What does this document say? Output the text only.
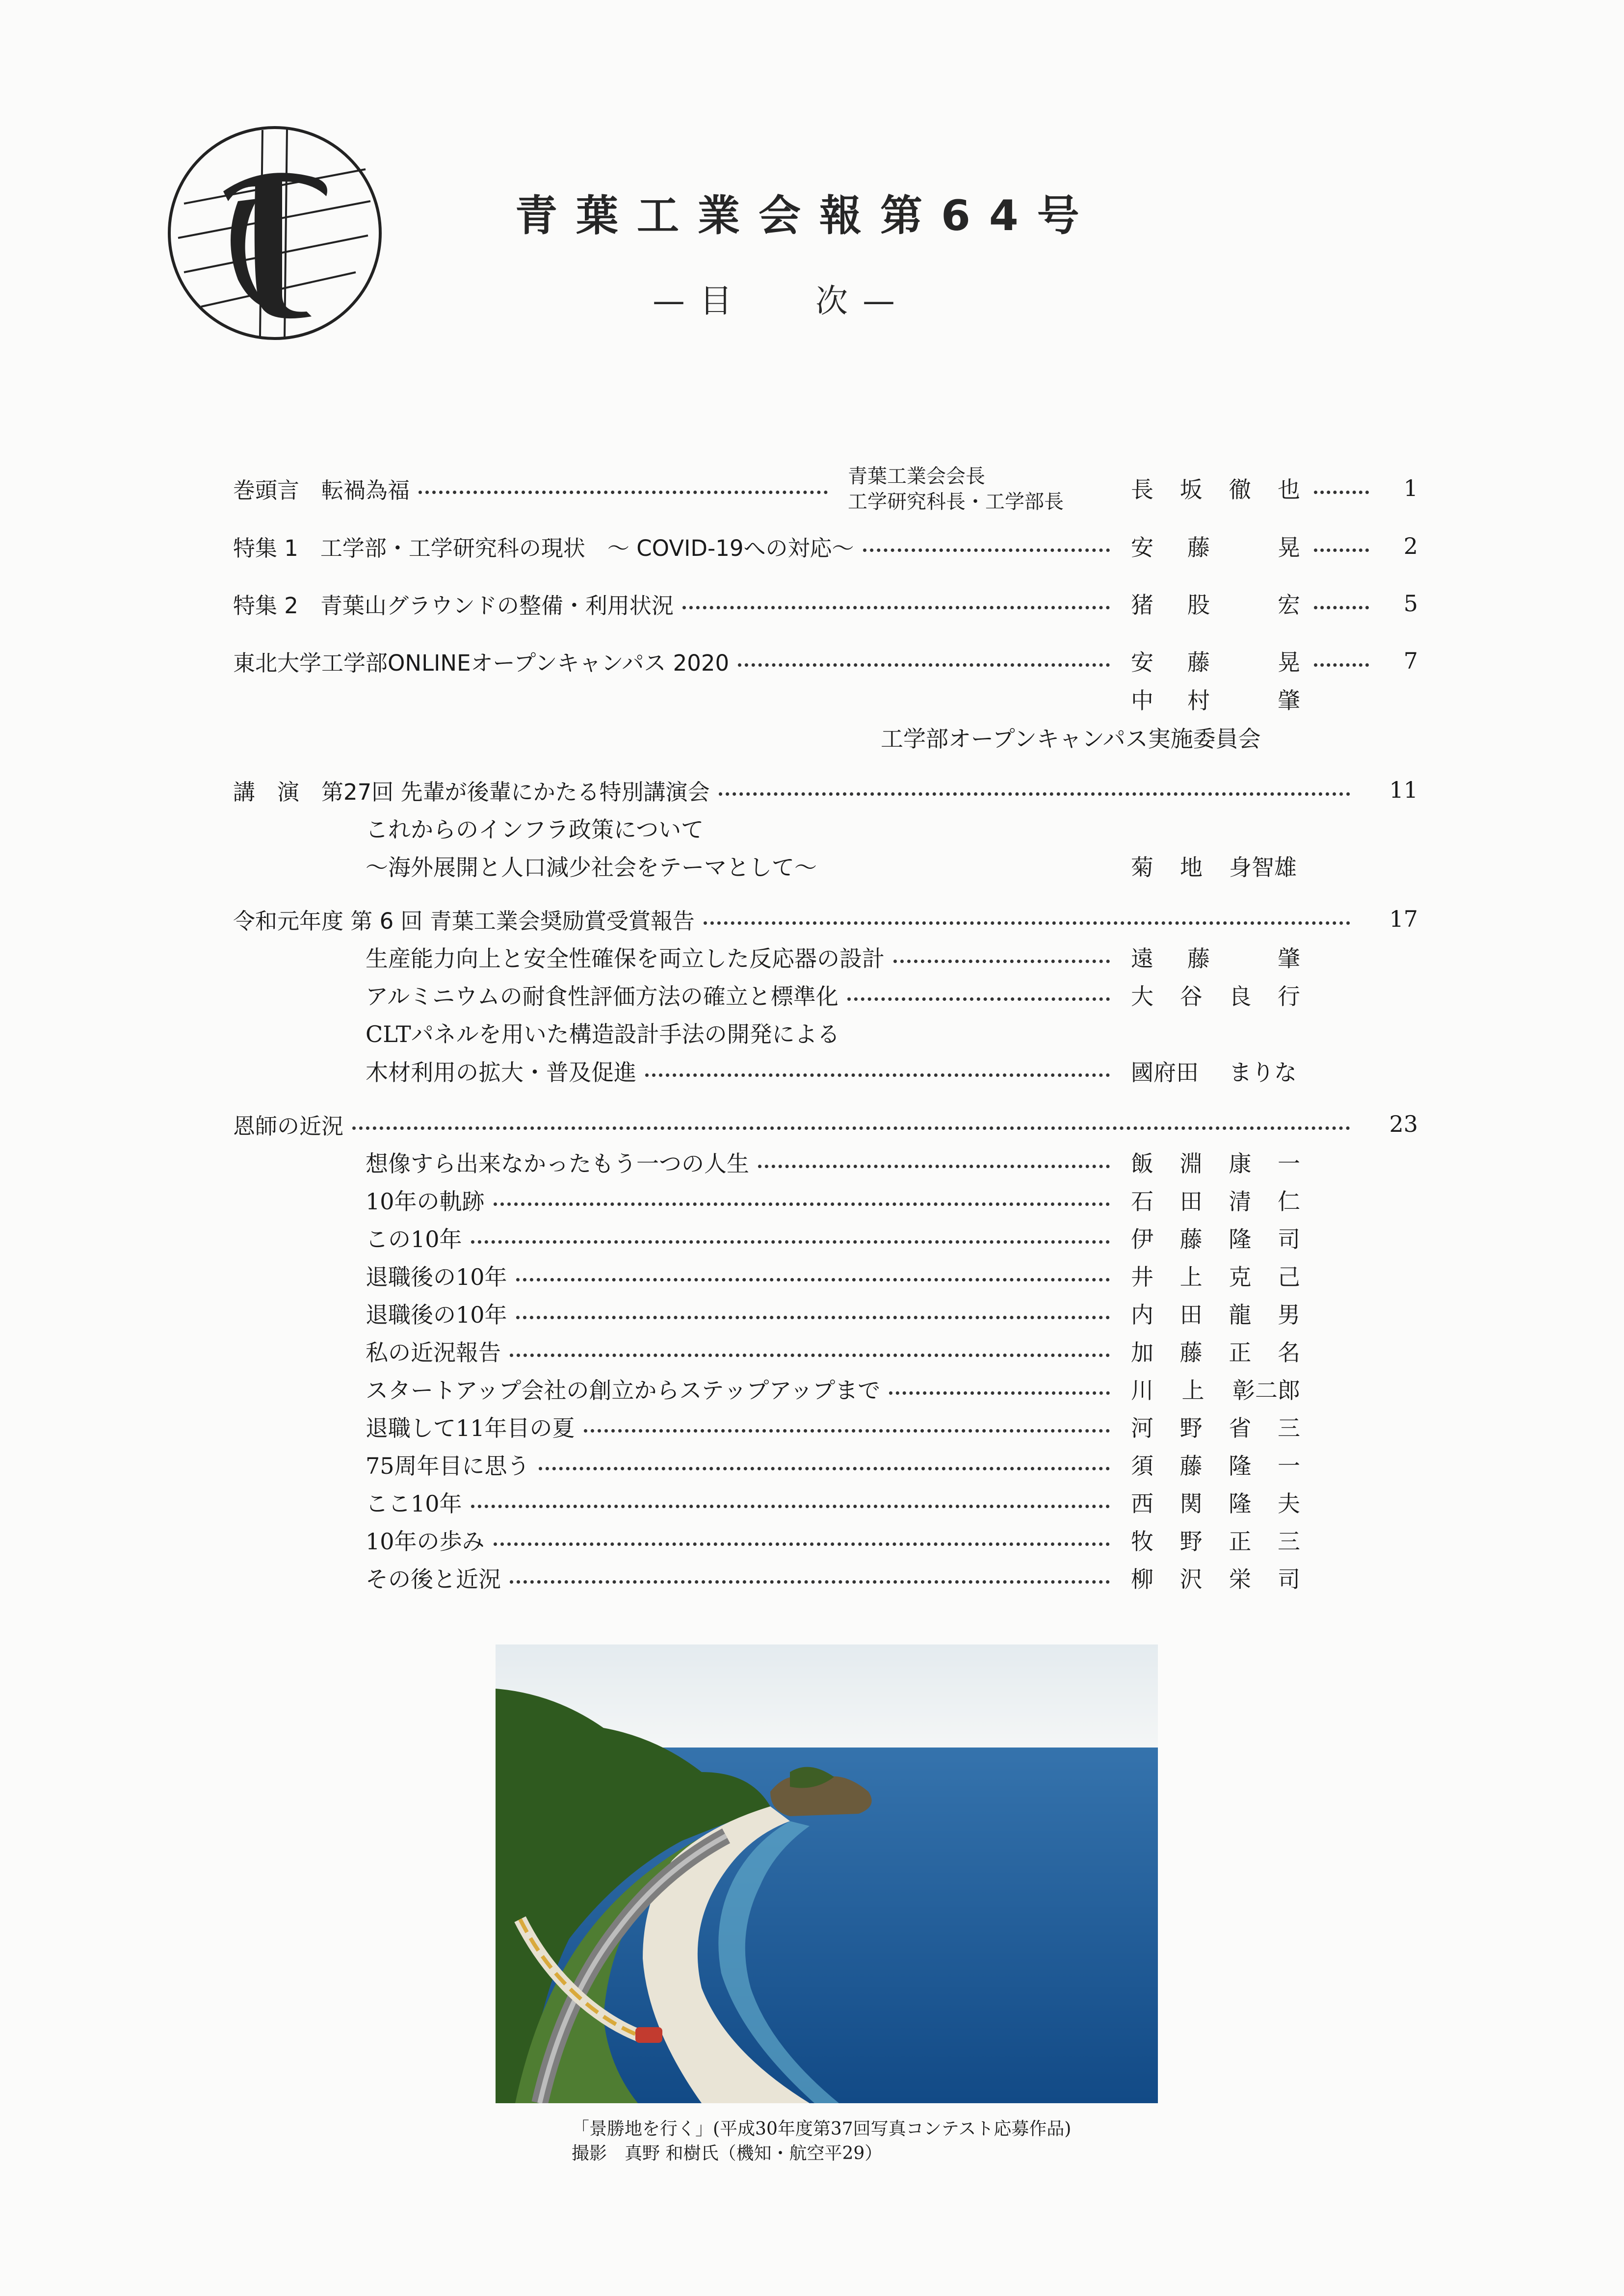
青葉工業会報第64号
—目 次—
巻頭言　転禍為福
青葉工業会会長
工学研究科長・工学部長	長 坂 徹 也	1
特集 1　工学部・工学研究科の現状　～ COVID-19への対応～	安 藤	晃	2
特集 2　青葉山グラウンドの整備・利用状況	猪 股	宏	5
東北大学工学部ONLINEオープンキャンパス 2020	安 藤	晃	7
中 村	肇
工学部オープンキャンパス実施委員会
講　演　第27回 先輩が後輩にかたる特別講演会	11
これからのインフラ政策について
～海外展開と人口減少社会をテーマとして～	菊	地	身智雄
令和元年度 第 6 回 青葉工業会奨励賞受賞報告	17
生産能力向上と安全性確保を両立した反応器の設計	遠 藤	肇
アルミニウムの耐食性評価方法の確立と標準化	大 谷 良 行
CLTパネルを用いた構造設計手法の開発による
木材利用の拡大・普及促進	國府田	まりな
恩師の近況	23
想像すら出来なかったもう一つの人生	飯 淵 康 一
10年の軌跡	石 田 清 仁
この10年	伊 藤 隆 司
退職後の10年	井 上 克 己
退職後の10年	内 田 龍 男
私の近況報告	加 藤 正 名
スタートアップ会社の創立からステップアップまで	川 上 彰二郎
退職して11年目の夏	河 野 省 三
75周年目に思う	須 藤 隆 一
ここ10年	西 関 隆 夫
10年の歩み	牧 野 正 三
その後と近況	柳 沢 栄 司
「景勝地を行く」(平成30年度第37回写真コンテスト応募作品)
撮影　真野 和樹氏（機知・航空平29）
